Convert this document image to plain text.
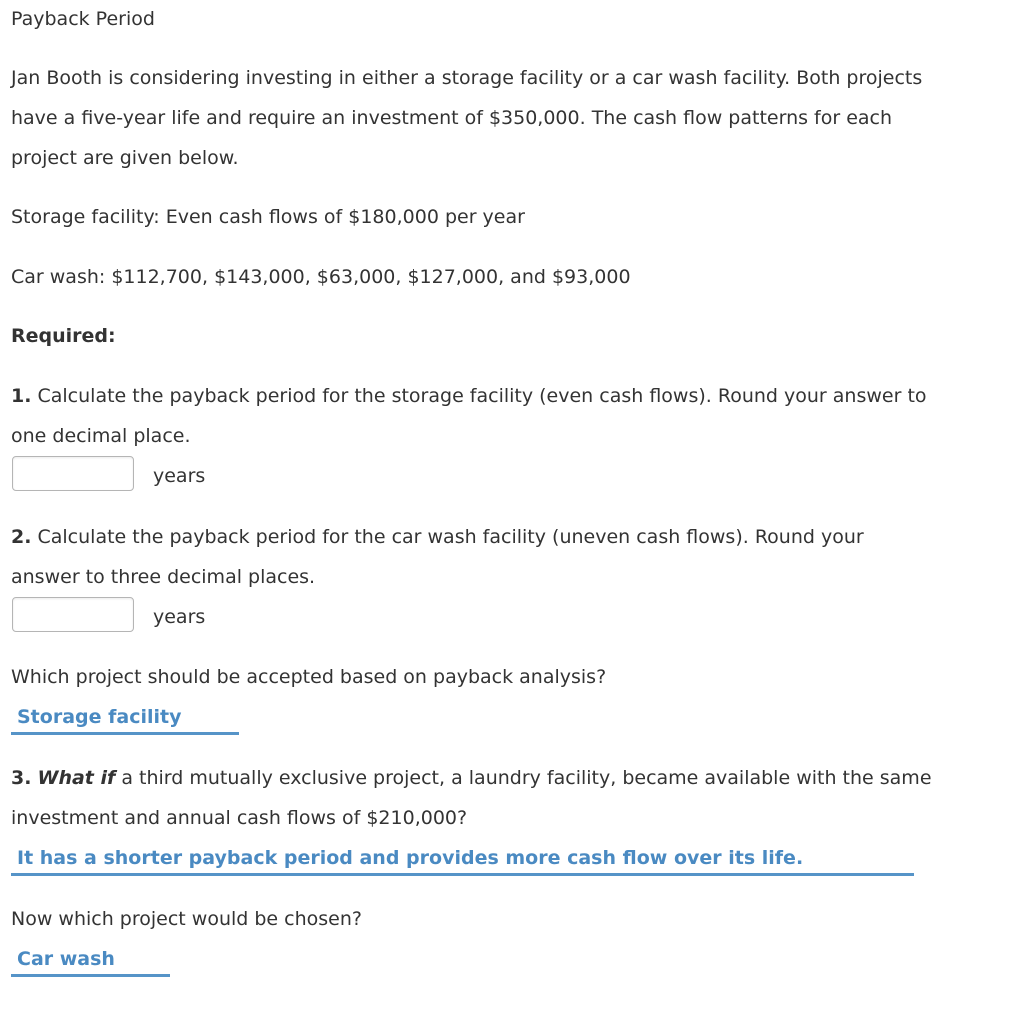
Payback Period
Jan Booth is considering investing in either a storage facility or a car wash facility. Both projects
have a five-year life and require an investment of $350,000. The cash flow patterns for each
project are given below.
Storage facility: Even cash flows of $180,000 per year
Car wash: $112,700, $143,000, $63,000, $127,000, and $93,000
Required:
1. Calculate the payback period for the storage facility (even cash flows). Round your answer to
one decimal place.
years
2. Calculate the payback period for the car wash facility (uneven cash flows). Round your
answer to three decimal places.
years
Which project should be accepted based on payback analysis?
Storage facility
3. What if a third mutually exclusive project, a laundry facility, became available with the same
investment and annual cash flows of $210,000?
It has a shorter payback period and provides more cash flow over its life.
Now which project would be chosen?
Car wash
